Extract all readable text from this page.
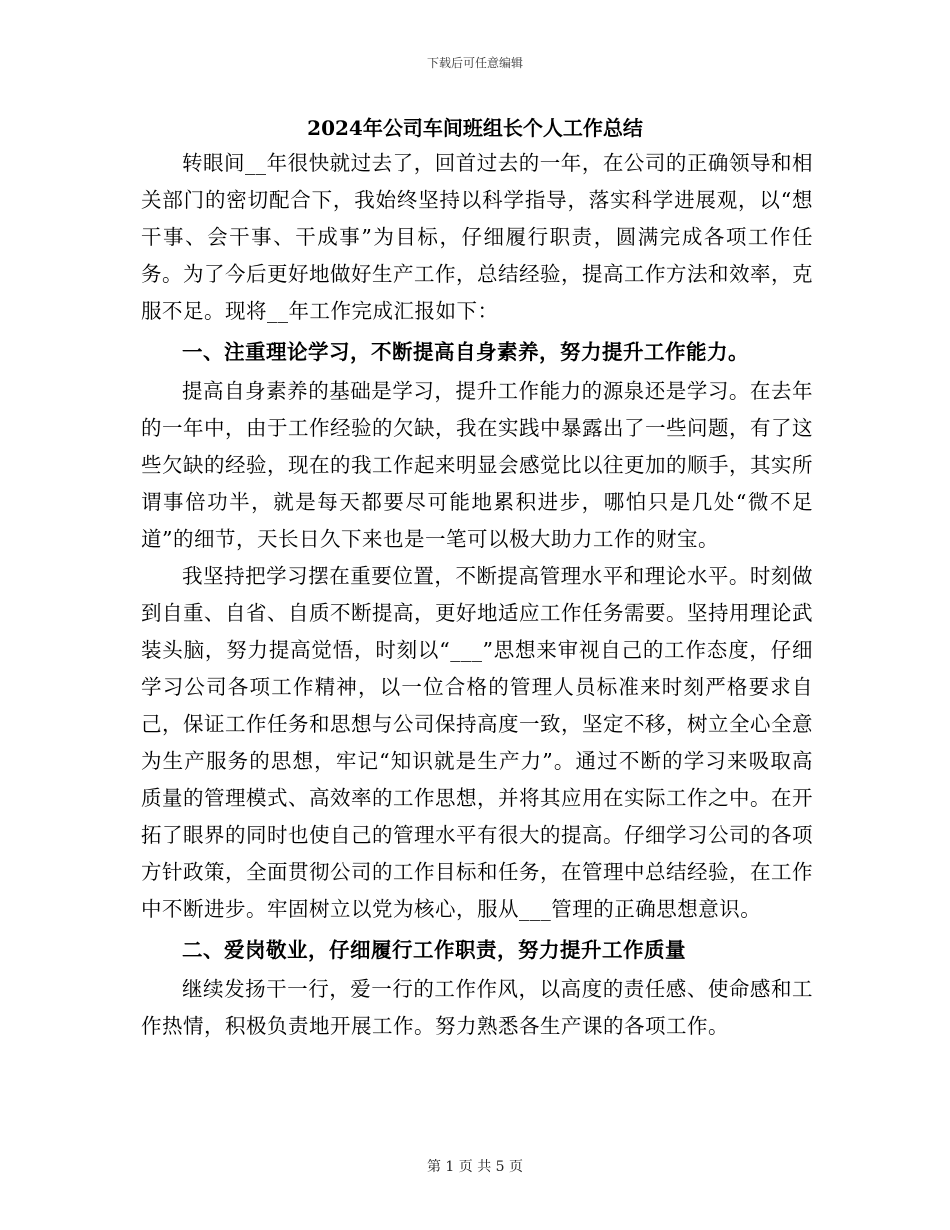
下载后可任意编辑
2024年公司车间班组长个人工作总结

转眼间__年很快就过去了，回首过去的一年，在公司的正确领导和相关部门的密切配合下，我始终坚持以科学指导，落实科学进展观，以“想干事、会干事、干成事”为目标，仔细履行职责，圆满完成各项工作任务。为了今后更好地做好生产工作，总结经验，提高工作方法和效率，克服不足。现将__年工作完成汇报如下：

一、注重理论学习，不断提高自身素养，努力提升工作能力。

提高自身素养的基础是学习，提升工作能力的源泉还是学习。在去年的一年中，由于工作经验的欠缺，我在实践中暴露出了一些问题，有了这些欠缺的经验，现在的我工作起来明显会感觉比以往更加的顺手，其实所谓事倍功半，就是每天都要尽可能地累积进步，哪怕只是几处“微不足道”的细节，天长日久下来也是一笔可以极大助力工作的财宝。

我坚持把学习摆在重要位置，不断提高管理水平和理论水平。时刻做到自重、自省、自质不断提高，更好地适应工作任务需要。坚持用理论武装头脑，努力提高觉悟，时刻以“___”思想来审视自己的工作态度，仔细学习公司各项工作精神，以一位合格的管理人员标准来时刻严格要求自己，保证工作任务和思想与公司保持高度一致，坚定不移，树立全心全意为生产服务的思想，牢记“知识就是生产力”。通过不断的学习来吸取高质量的管理模式、高效率的工作思想，并将其应用在实际工作之中。在开拓了眼界的同时也使自己的管理水平有很大的提高。仔细学习公司的各项方针政策，全面贯彻公司的工作目标和任务，在管理中总结经验，在工作中不断进步。牢固树立以党为核心，服从___管理的正确思想意识。

二、爱岗敬业，仔细履行工作职责，努力提升工作质量

继续发扬干一行，爱一行的工作作风，以高度的责任感、使命感和工作热情，积极负责地开展工作。努力熟悉各生产课的各项工作。

第 1 页 共 5 页
